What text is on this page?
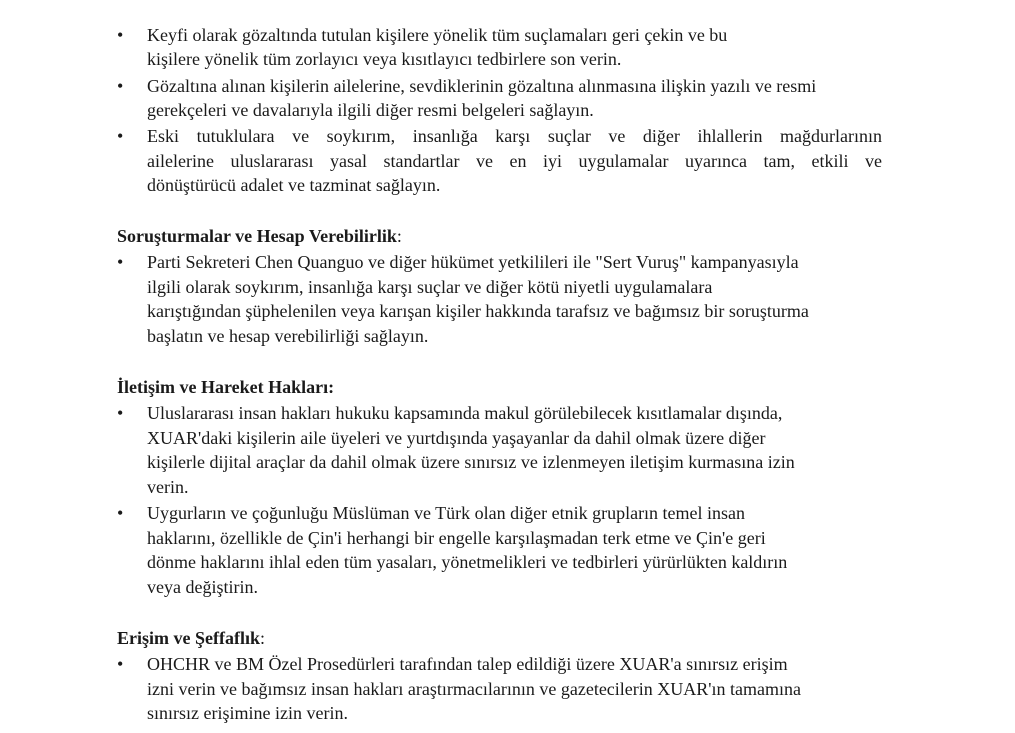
• Keyfi olarak gözaltında tutulan kişilere yönelik tüm suçlamaları geri çekin ve bu
kişilere yönelik tüm zorlayıcı veya kısıtlayıcı tedbirlere son verin.
• Gözaltına alınan kişilerin ailelerine, sevdiklerinin gözaltına alınmasına ilişkin yazılı ve resmi
gerekçeleri ve davalarıyla ilgili diğer resmi belgeleri sağlayın.
• Eski tutuklulara ve soykırım, insanlığa karşı suçlar ve diğer ihlallerin mağdurlarının
ailelerine uluslararası yasal standartlar ve en iyi uygulamalar uyarınca tam, etkili ve
dönüştürücü adalet ve tazminat sağlayın.
Soruşturmalar ve Hesap Verebilirlik:
• Parti Sekreteri Chen Quanguo ve diğer hükümet yetkilileri ile "Sert Vuruş" kampanyasıyla
ilgili olarak soykırım, insanlığa karşı suçlar ve diğer kötü niyetli uygulamalara
karıştığından şüphelenilen veya karışan kişiler hakkında tarafsız ve bağımsız bir soruşturma
başlatın ve hesap verebilirliği sağlayın.
İletişim ve Hareket Hakları:
• Uluslararası insan hakları hukuku kapsamında makul görülebilecek kısıtlamalar dışında,
XUAR'daki kişilerin aile üyeleri ve yurtdışında yaşayanlar da dahil olmak üzere diğer
kişilerle dijital araçlar da dahil olmak üzere sınırsız ve izlenmeyen iletişim kurmasına izin
verin.
• Uygurların ve çoğunluğu Müslüman ve Türk olan diğer etnik grupların temel insan
haklarını, özellikle de Çin'i herhangi bir engelle karşılaşmadan terk etme ve Çin'e geri
dönme haklarını ihlal eden tüm yasaları, yönetmelikleri ve tedbirleri yürürlükten kaldırın
veya değiştirin.
Erişim ve Şeffaflık:
• OHCHR ve BM Özel Prosedürleri tarafından talep edildiği üzere XUAR'a sınırsız erişim
izni verin ve bağımsız insan hakları araştırmacılarının ve gazetecilerin XUAR'ın tamamına
sınırsız erişimine izin verin.
